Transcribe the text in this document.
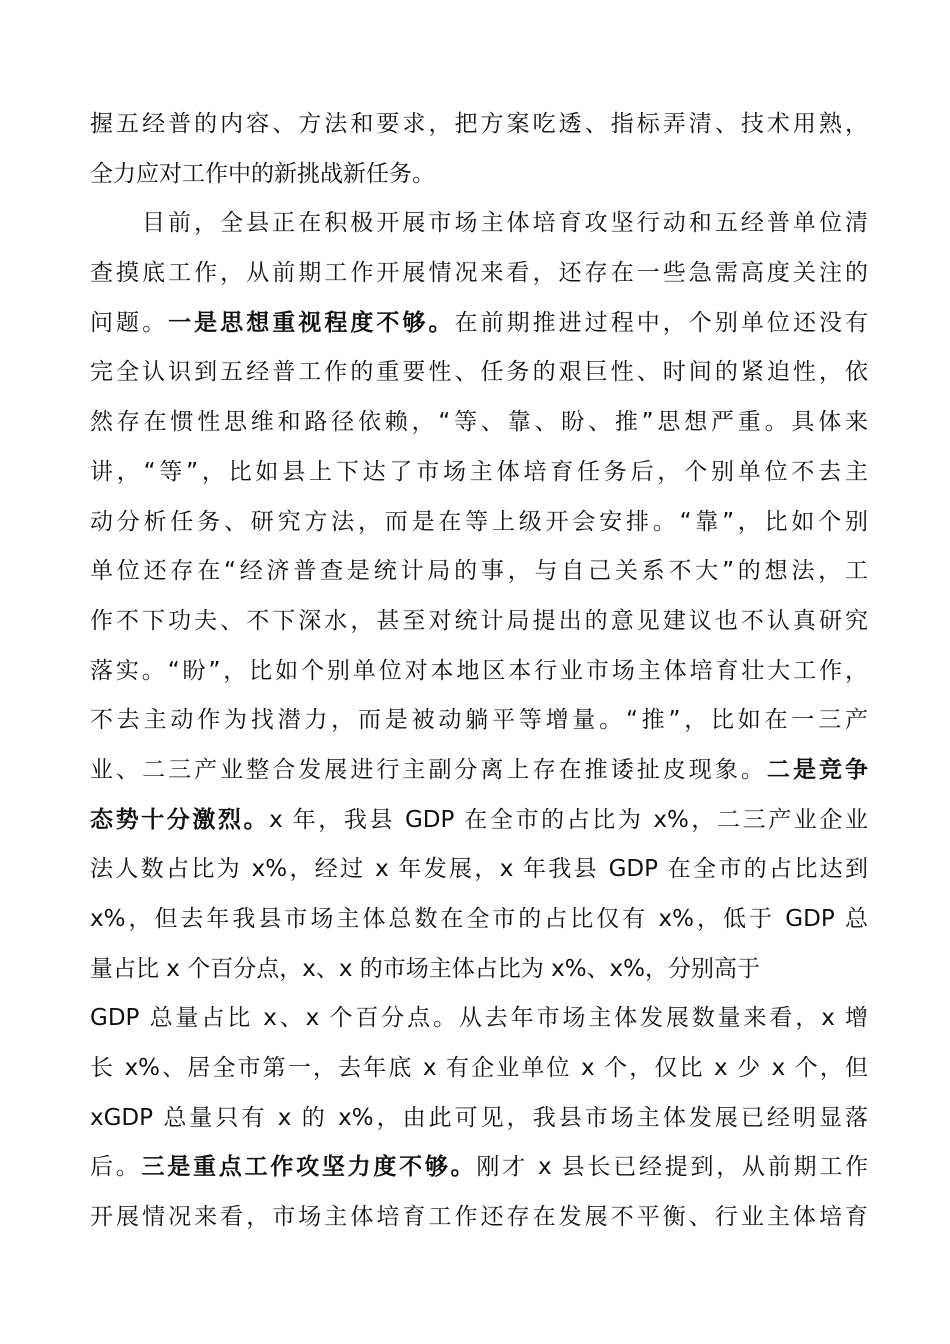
握五经普的内容、方法和要求，把方案吃透、指标弄清、技术用熟，
全力应对工作中的新挑战新任务。
目前，全县正在积极开展市场主体培育攻坚行动和五经普单位清
查摸底工作，从前期工作开展情况来看，还存在一些急需高度关注的
问题。一是思想重视程度不够。在前期推进过程中，个别单位还没有
完全认识到五经普工作的重要性、任务的艰巨性、时间的紧迫性，依
然存在惯性思维和路径依赖，“等、靠、盼、推”思想严重。具体来
讲，“等”，比如县上下达了市场主体培育任务后，个别单位不去主
动分析任务、研究方法，而是在等上级开会安排。“靠”，比如个别
单位还存在“经济普查是统计局的事，与自己关系不大”的想法，工
作不下功夫、不下深水，甚至对统计局提出的意见建议也不认真研究
落实。“盼”，比如个别单位对本地区本行业市场主体培育壮大工作，
不去主动作为找潜力，而是被动躺平等增量。“推”，比如在一三产
业、二三产业整合发展进行主副分离上存在推诿扯皮现象。二是竞争
态势十分激烈。x 年，我县 GDP 在全市的占比为 x%，二三产业企业
法人数占比为 x%，经过 x 年发展，x 年我县 GDP 在全市的占比达到
x%，但去年我县市场主体总数在全市的占比仅有 x%，低于 GDP 总
量占比 x 个百分点，x、x 的市场主体占比为 x%、x%，分别高于
GDP 总量占比 x、x 个百分点。从去年市场主体发展数量来看，x 增
长 x%、居全市第一，去年底 x 有企业单位 x 个，仅比 x 少 x 个，但
xGDP 总量只有 x 的 x%，由此可见，我县市场主体发展已经明显落
后。三是重点工作攻坚力度不够。刚才 x 县长已经提到，从前期工作
开展情况来看，市场主体培育工作还存在发展不平衡、行业主体培育
